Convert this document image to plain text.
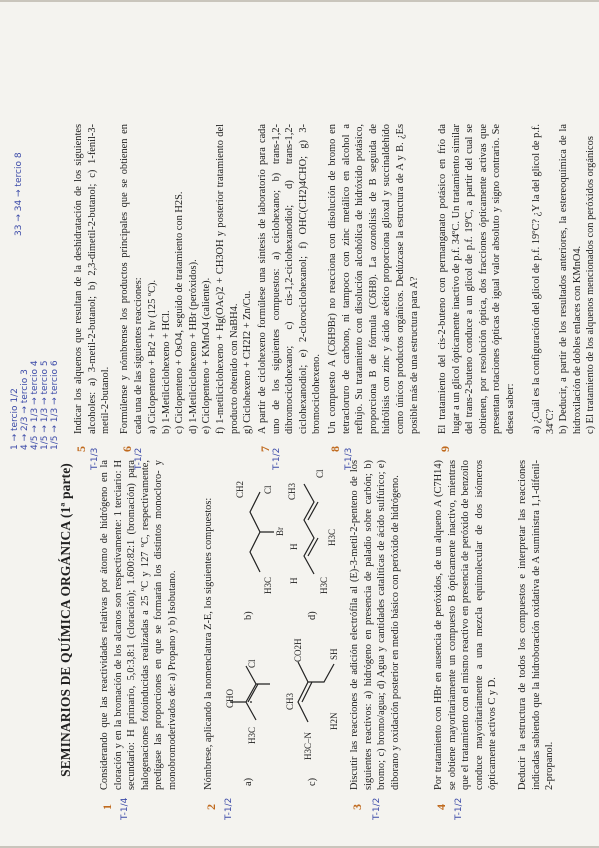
SEMINARIOS DE QUÍMICA ORGÁNICA (1ª parte)
1
Considerando que las reactividades relativas por átomo de hidrógeno en la cloración y en la bromación de los alcanos son respectivamente: 1 terciario: H secundario: H primario, 5,0:3,8:1 (cloración); 1.600:82:1 (bromación) para halogenaciones fotoinducidas realizadas a 25 ºC y 127 ºC, respectivamente, predígase las proporciones en que se formarán los distintos monocloro- y monobromoderivados de: a) Propano y b) Isobutano.
2
Nómbrese, aplicando la nomenclatura Z-E, los siguientes compuestos:	a)
b)
c)
d)
H3C
CHO
Cl
H3C
Br
CH2 Cl
H3C–N
CH3
CO2H
H2N
SH
H
H
CH3
H3C
H3C
Cl
3
Discutir las reacciones de adición electrófila al (E)-3-metil-2-penteno de los siguientes reactivos: a) hidrógeno en presencia de paladio sobre carbón; b) bromo; c) bromo/agua; d) Agua y cantidades catalíticas de ácido sulfúrico; e) diborano y oxidación posterior en medio básico con peróxido de hidrógeno.
4
Por tratamiento con HBr en ausencia de peróxidos, de un alqueno A (C7H14) se obtiene mayoritariamente un compuesto B ópticamente inactivo, mientras que el tratamiento con el mismo reactivo en presencia de peróxido de benzoílo conduce mayoritariamente a una mezcla equimolecular de dos isómeros ópticamente activos C y D. Deducir la estructura de todos los compuestos e interpretar las reacciones indicadas sabiendo que la hidroboración oxidativa de A suministra 1,1-difenil-2-propanol.
T-1/4	T-1/2	T-1/2	T-1/2
1 → tercio 1/2 4 → 2/3 → tercio 3 4/5 → 1/3 → tercio 4 1/5 → 1/3 → tercio 5 1/5 → 1/3 → tercio 6
33 → 34 → tercio 8
5
Indicar los alquenos que resultan de la deshidratación de los siguientes alcoholes: a) 3-metil-2-butanol; b) 2,3-dimetil-2-butanol; c) 1-fenil-3-metil-2-butanol.
6
Formúlense y nómbrense los productos principales que se obtienen en cada una de las siguientes reacciones: a) Ciclopenteno + Br2 + hν (125 ºC). b) 1-Metilciclohexeno + HCl. c) Ciclopenteno + OsO4, seguido de tratamiento con H2S. d) 1-Metilciclohexeno + HBr (peróxidos). e) Ciclopenteno + KMnO4 (caliente). f) 1-metilciclohexeno + Hg(OAc)2 + CH3OH y posterior tratamiento del producto obtenido con NaBH4. g) Ciclohexeno + CH2I2 + Zn/Cu.
7
A partir de ciclohexeno formúlese una síntesis de laboratorio para cada uno de los siguientes compuestos: a) ciclohexano; b) trans-1,2-dibromociclohexano; c) cis-1,2-ciclohexanodiol; d) trans-1,2-ciclohexanodiol; e) 2-clorociclohexanol; f) OHC(CH2)4CHO; g) 3-bromociclohexeno.
8
Un compuesto A (C6H9Br) no reacciona con disolución de bromo en tetracloruro de carbono, ni tampoco con zinc metálico en alcohol a reflujo. Su tratamiento con disolución alcohólica de hidróxido potásico, proporciona B de fórmula (C6H8). La ozonólisis de B seguida de hidrólisis con zinc y ácido acético proporciona glioxal y succinaldehído como únicos productos orgánicos. Dedúzcase la estructura de A y B. ¿Es posible más de una estructura para A?
9
El tratamiento del cis-2-buteno con permanganato potásico en frío da lugar a un glicol ópticamente inactivo de p.f. 34ºC. Un tratamiento similar del trans-2-buteno conduce a un glicol de p.f. 19ºC, a partir del cual se obtienen, por resolución óptica, dos fracciones ópticamente activas que presentan rotaciones ópticas de igual valor absoluto y signo contrario. Se desea saber: a) ¿Cuál es la configuración del glicol de p.f. 19ºC? ¿Y la del glicol de p.f. 34ºC? b) Deducir, a partir de los resultados anteriores, la estereoquímica de la hidroxilación de dobles enlaces con KMnO4. c) El tratamiento de los alquenos mencionados con peróxidos orgánicos
T-1/3	T-1/2	T-1/2	T-1/3
